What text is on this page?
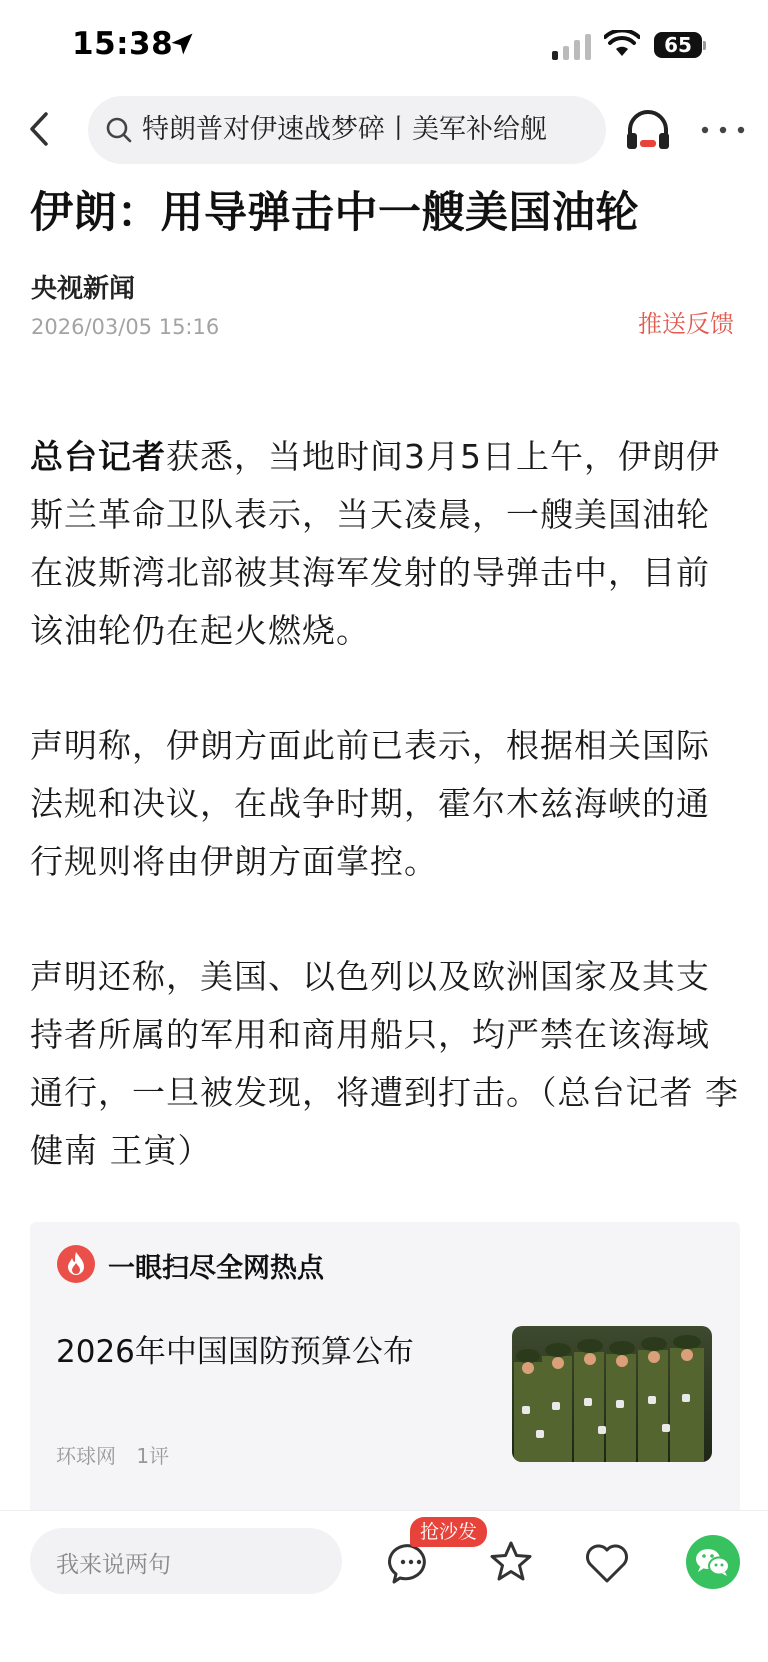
15:38	65
特朗普对伊速战梦碎丨美军补给舰
伊朗：用导弹击中一艘美国油轮
央视新闻
2026/03/05 15:16	推送反馈

总台记者获悉，当地时间3月5日上午，伊朗伊斯兰革命卫队表示，当天凌晨，一艘美国油轮在波斯湾北部被其海军发射的导弹击中，目前该油轮仍在起火燃烧。

声明称，伊朗方面此前已表示，根据相关国际法规和决议，在战争时期，霍尔木兹海峡的通行规则将由伊朗方面掌控。

声明还称，美国、以色列以及欧洲国家及其支持者所属的军用和商用船只，均严禁在该海域通行，一旦被发现，将遭到打击。（总台记者 李健南 王寅）

一眼扫尽全网热点
2026年中国国防预算公布
环球网 1评
我来说两句
抢沙发
